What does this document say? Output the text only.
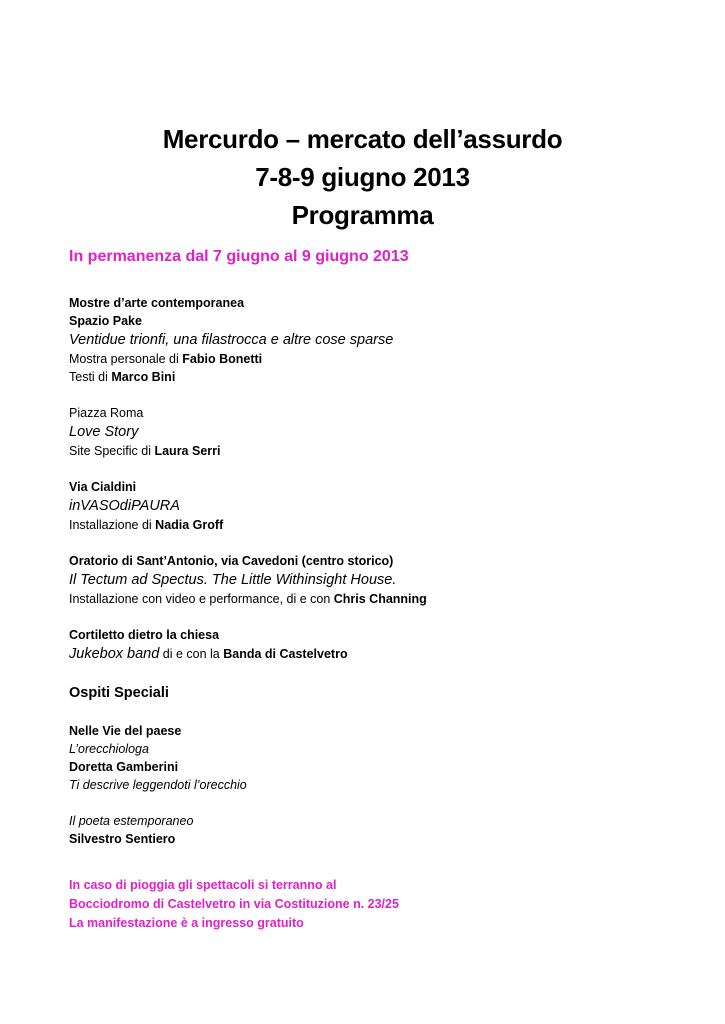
Mercurdo – mercato dell’assurdo
7-8-9 giugno 2013
Programma
In permanenza dal 7 giugno al 9 giugno 2013
Mostre d’arte contemporanea
Spazio Pake
Ventidue trionfi, una filastrocca e altre cose sparse
Mostra personale di Fabio Bonetti
Testi di Marco Bini
Piazza Roma
Love Story
Site Specific di Laura Serri
Via Cialdini
inVASOdiPAURA
Installazione di Nadia Groff
Oratorio di Sant’Antonio, via Cavedoni (centro storico)
Il Tectum ad Spectus. The Little Withinsight House.
Installazione con video e performance, di e con Chris Channing
Cortiletto dietro la chiesa
Jukebox band di e con la Banda di Castelvetro
Ospiti Speciali
Nelle Vie del paese
L’orecchiologa
Doretta Gamberini
Ti descrive leggendoti l’orecchio
Il poeta estemporaneo
Silvestro Sentiero
In caso di pioggia gli spettacoli si terranno al
Bocciodromo di Castelvetro in via Costituzione n. 23/25
La manifestazione è a ingresso gratuito
